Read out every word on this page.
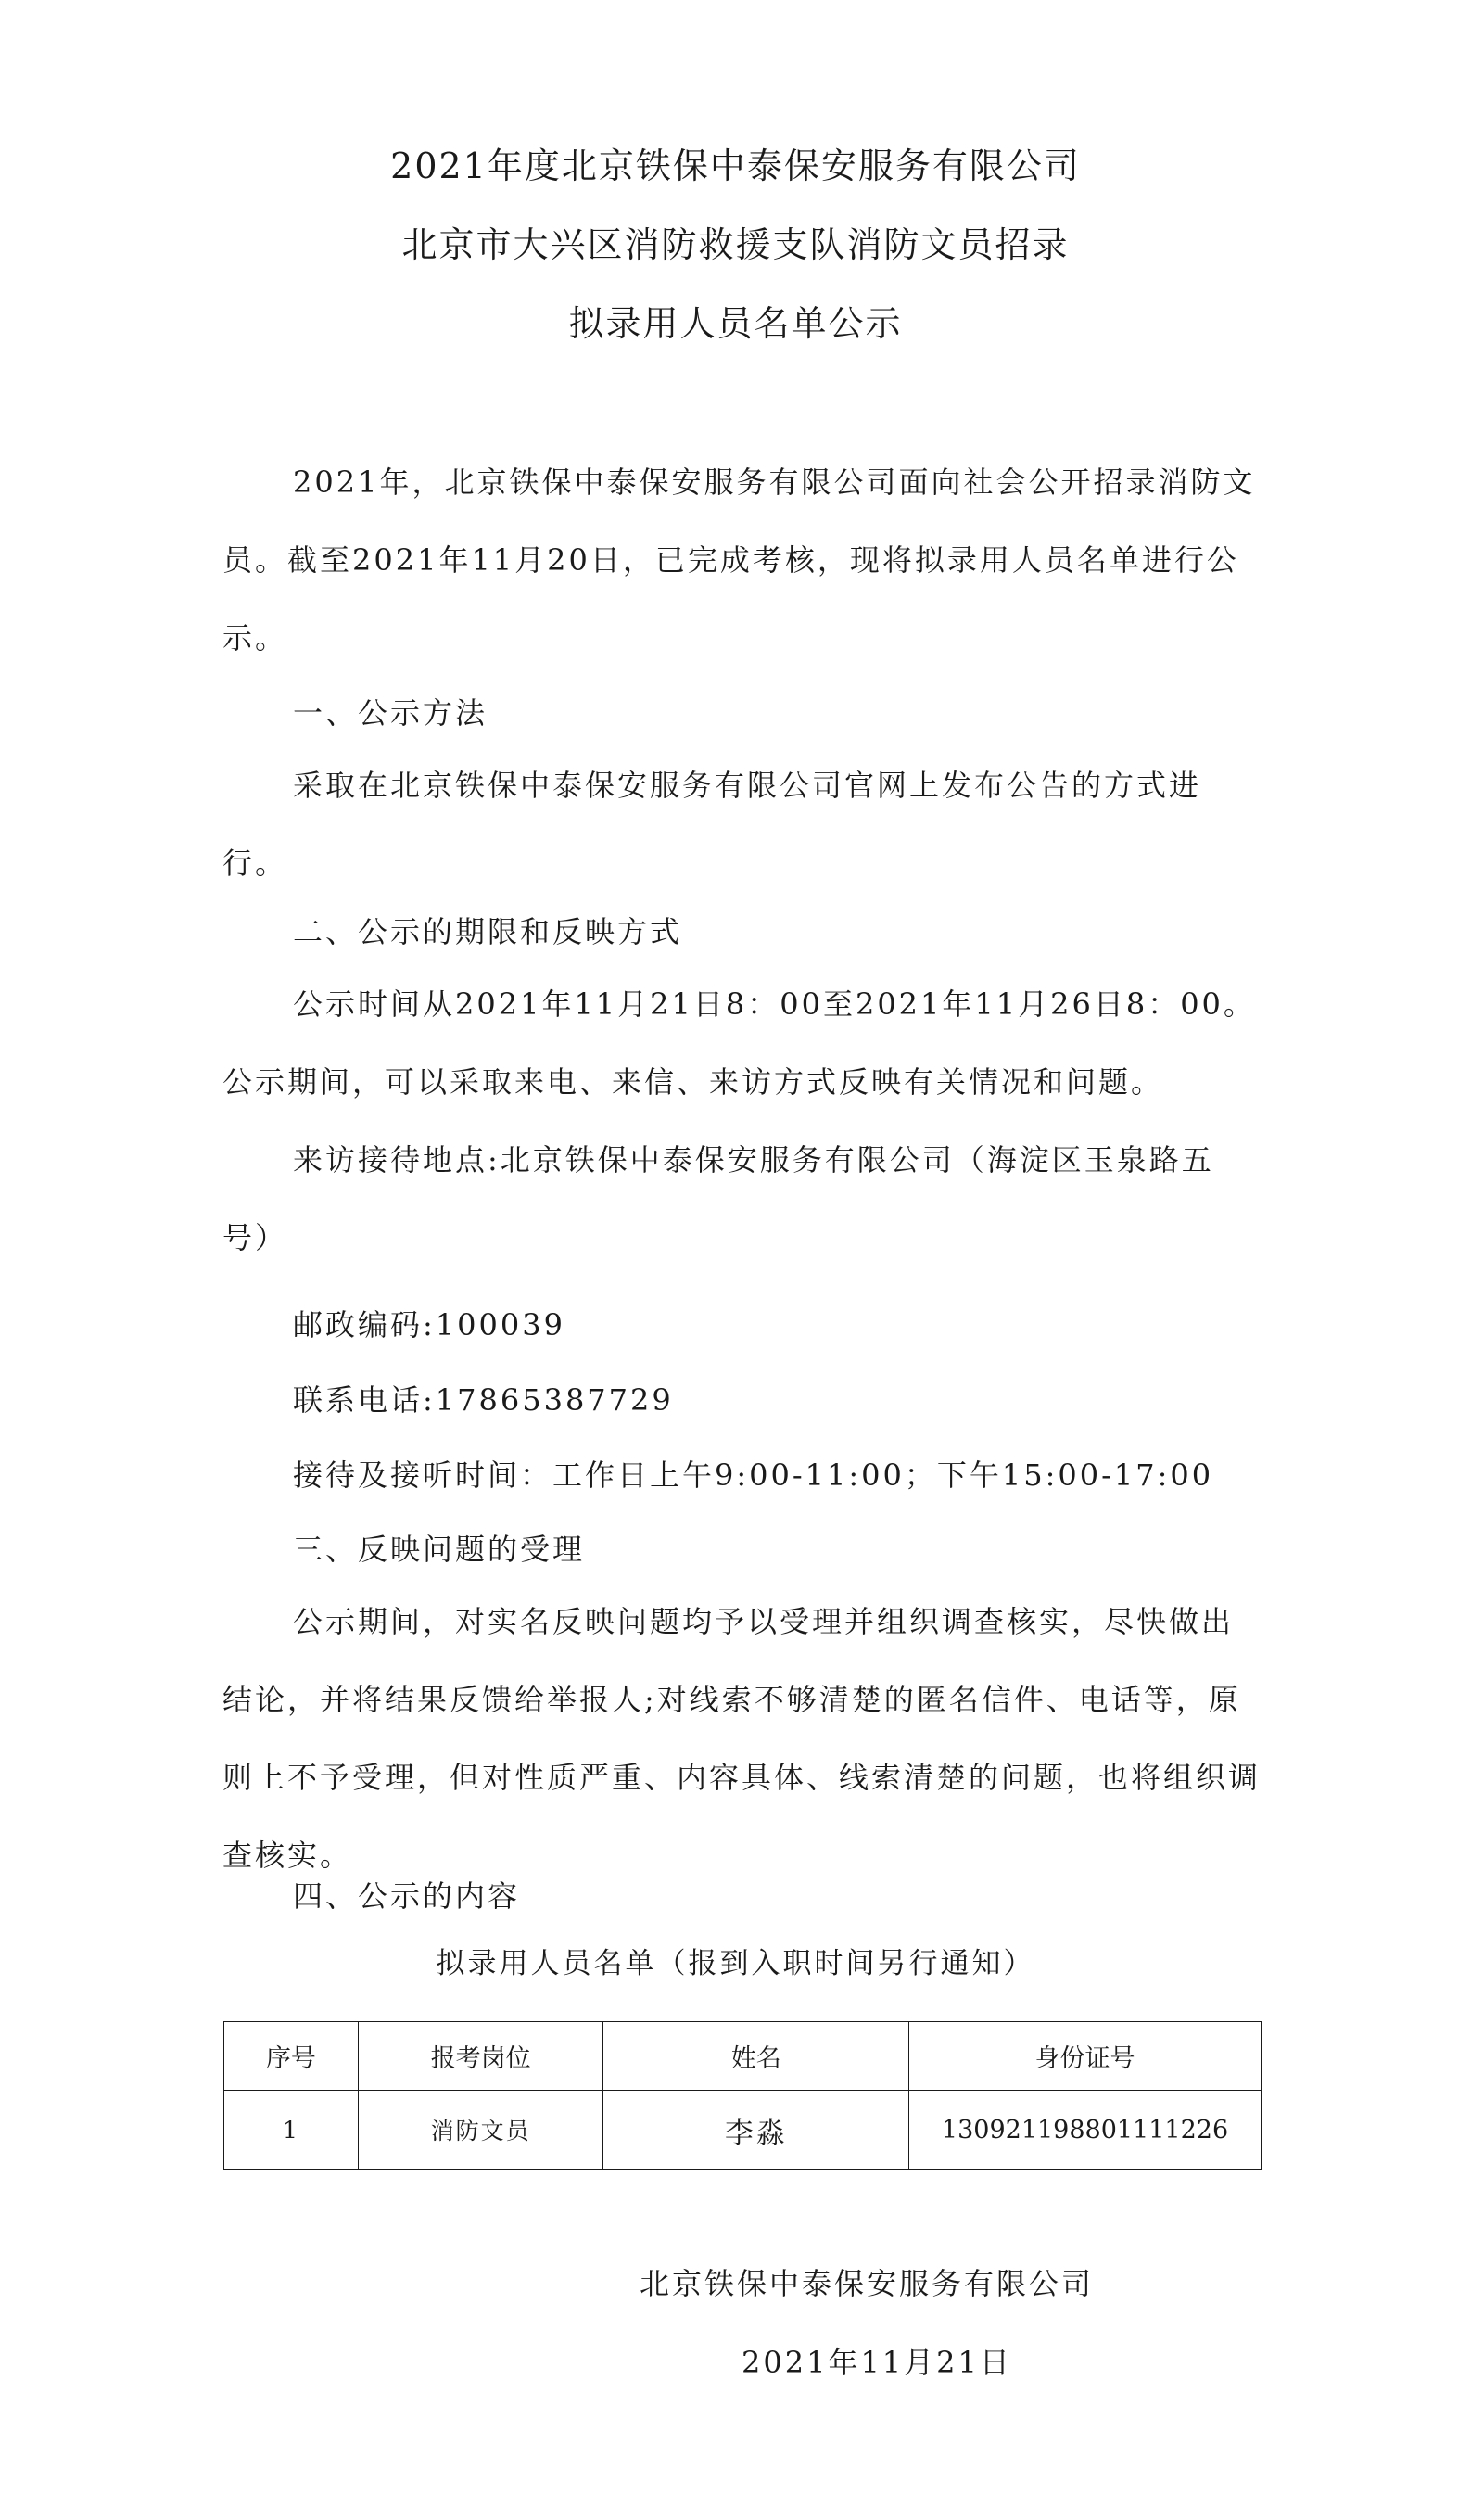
2021年度北京铁保中泰保安服务有限公司
北京市大兴区消防救援支队消防文员招录
拟录用人员名单公示
2021年，北京铁保中泰保安服务有限公司面向社会公开招录消防文员。截至2021年11月20日，已完成考核，现将拟录用人员名单进行公示。
一、公示方法
采取在北京铁保中泰保安服务有限公司官网上发布公告的方式进行。
二、公示的期限和反映方式
公示时间从2021年11月21日8：00至2021年11月26日8：00。公示期间，可以采取来电、来信、来访方式反映有关情况和问题。
来访接待地点:北京铁保中泰保安服务有限公司（海淀区玉泉路五号）
邮政编码:100039
联系电话:17865387729
接待及接听时间：工作日上午9:00-11:00；下午15:00-17:00
三、反映问题的受理
公示期间，对实名反映问题均予以受理并组织调查核实，尽快做出结论，并将结果反馈给举报人;对线索不够清楚的匿名信件、电话等，原则上不予受理，但对性质严重、内容具体、线索清楚的问题，也将组织调查核实。
四、公示的内容
拟录用人员名单（报到入职时间另行通知）
序号	报考岗位	姓名	身份证号
1	消防文员	李淼	130921198801111226
北京铁保中泰保安服务有限公司
2021年11月21日
